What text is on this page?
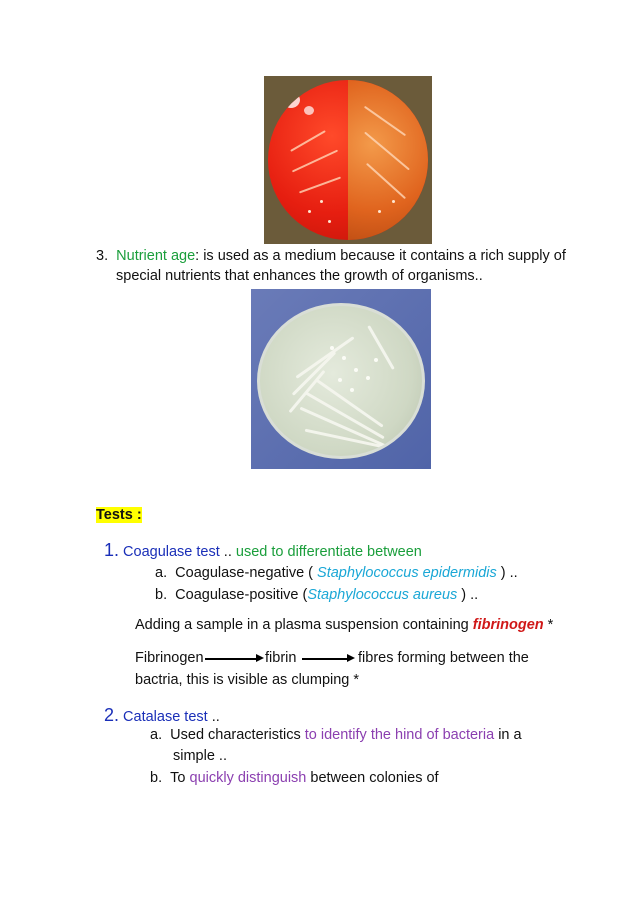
3. Nutrient age: is used as a medium because it contains a rich supply of
special nutrients that enhances the growth of organisms..
Tests :
1. Coagulase test .. used to differentiate between
a. Coagulase-negative ( Staphylococcus epidermidis ) ..
b. Coagulase-positive (Staphylococcus aureus ) ..
Adding a sample in a plasma suspension containing fibrinogen *
Fibrinogen	fibrin	fibres forming between the
bactria, this is visible as clumping *
2. Catalase test ..
a. Used characteristics to identify the hind of bacteria in a
simple ..
b. To quickly distinguish between colonies of
